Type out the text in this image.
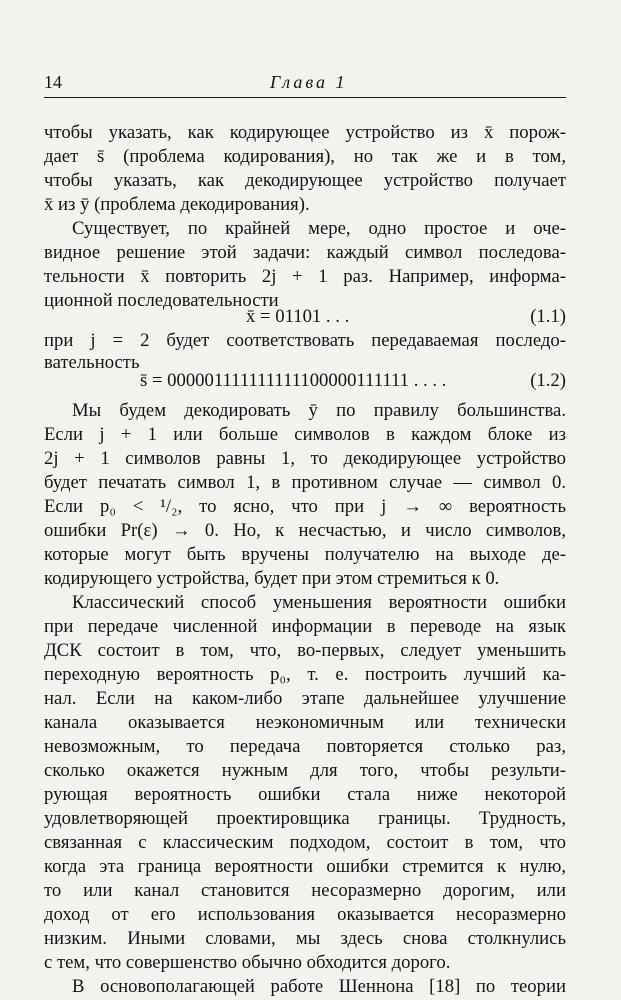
14	Глава 1
чтобы указать, как кодирующее устройство из x̄ порож-
дает s̄ (проблема кодирования), но так же и в том,
чтобы указать, как декодирующее устройство получает
x̄ из ȳ (проблема декодирования).
Существует, по крайней мере, одно простое и оче-
видное решение этой задачи: каждый символ последова-
тельности x̄ повторить 2j + 1 раз. Например, информа-
ционной последовательности
x̄ = 01101 . . .	(1.1)
при j = 2 будет соответствовать передаваемая последо-
вательность
s̄ = 000001111111111100000111111 . . . .	(1.2)
Мы будем декодировать ȳ по правилу большинства.
Если j + 1 или больше символов в каждом блоке из
2j + 1 символов равны 1, то декодирующее устройство
будет печатать символ 1, в противном случае — символ 0.
Если p₀ < ¹/₂, то ясно, что при j → ∞ вероятность
ошибки Pr(ε) → 0. Но, к несчастью, и число символов,
которые могут быть вручены получателю на выходе де-
кодирующего устройства, будет при этом стремиться к 0.
Классический способ уменьшения вероятности ошибки
при передаче численной информации в переводе на язык
ДСК состоит в том, что, во-первых, следует уменьшить
переходную вероятность p₀, т. е. построить лучший ка-
нал. Если на каком-либо этапе дальнейшее улучшение
канала оказывается неэкономичным или технически
невозможным, то передача повторяется столько раз,
сколько окажется нужным для того, чтобы результи-
рующая вероятность ошибки стала ниже некоторой
удовлетворяющей проектировщика границы. Трудность,
связанная с классическим подходом, состоит в том, что
когда эта граница вероятности ошибки стремится к нулю,
то или канал становится несоразмерно дорогим, или
доход от его использования оказывается несоразмерно
низким. Иными словами, мы здесь снова столкнулись
с тем, что совершенство обычно обходится дорого.
В основополагающей работе Шеннона [18] по теории
